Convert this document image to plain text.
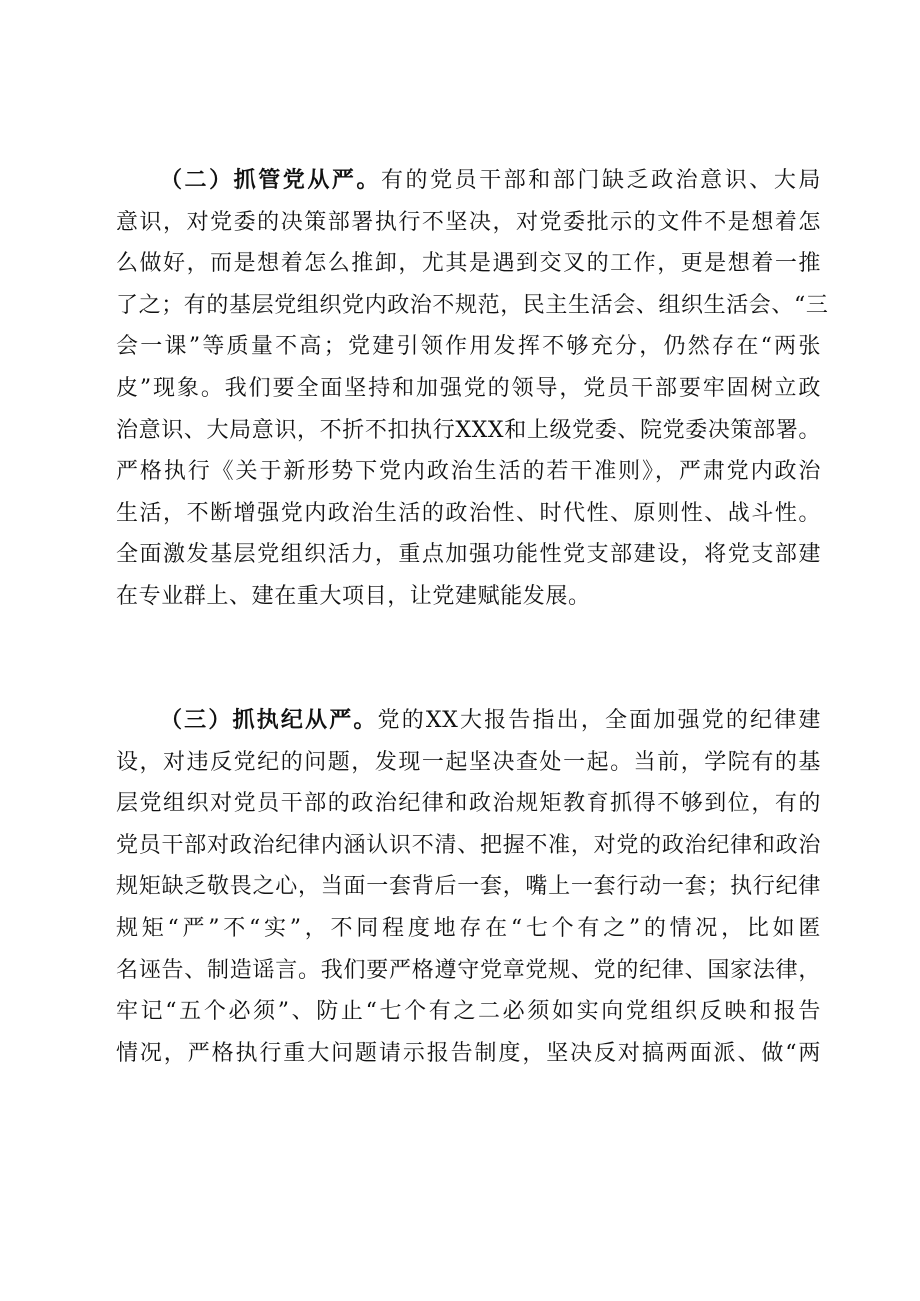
（二）抓管党从严。有的党员干部和部门缺乏政治意识、大局
意识，对党委的决策部署执行不坚决，对党委批示的文件不是想着怎
么做好，而是想着怎么推卸，尤其是遇到交叉的工作，更是想着一推
了之；有的基层党组织党内政治不规范，民主生活会、组织生活会、“三
会一课”等质量不高；党建引领作用发挥不够充分，仍然存在“两张
皮”现象。我们要全面坚持和加强党的领导，党员干部要牢固树立政
治意识、大局意识，不折不扣执行XXX和上级党委、院党委决策部署。
严格执行《关于新形势下党内政治生活的若干准则》，严肃党内政治
生活，不断增强党内政治生活的政治性、时代性、原则性、战斗性。
全面激发基层党组织活力，重点加强功能性党支部建设，将党支部建
在专业群上、建在重大项目，让党建赋能发展。
（三）抓执纪从严。党的XX大报告指出，全面加强党的纪律建
设，对违反党纪的问题，发现一起坚决查处一起。当前，学院有的基
层党组织对党员干部的政治纪律和政治规矩教育抓得不够到位，有的
党员干部对政治纪律内涵认识不清、把握不准，对党的政治纪律和政治
规矩缺乏敬畏之心，当面一套背后一套，嘴上一套行动一套；执行纪律
规矩“严”不“实”，不同程度地存在“七个有之”的情况，比如匿
名诬告、制造谣言。我们要严格遵守党章党规、党的纪律、国家法律，
牢记“五个必须”、防止“七个有之二必须如实向党组织反映和报告
情况，严格执行重大问题请示报告制度，坚决反对搞两面派、做“两
